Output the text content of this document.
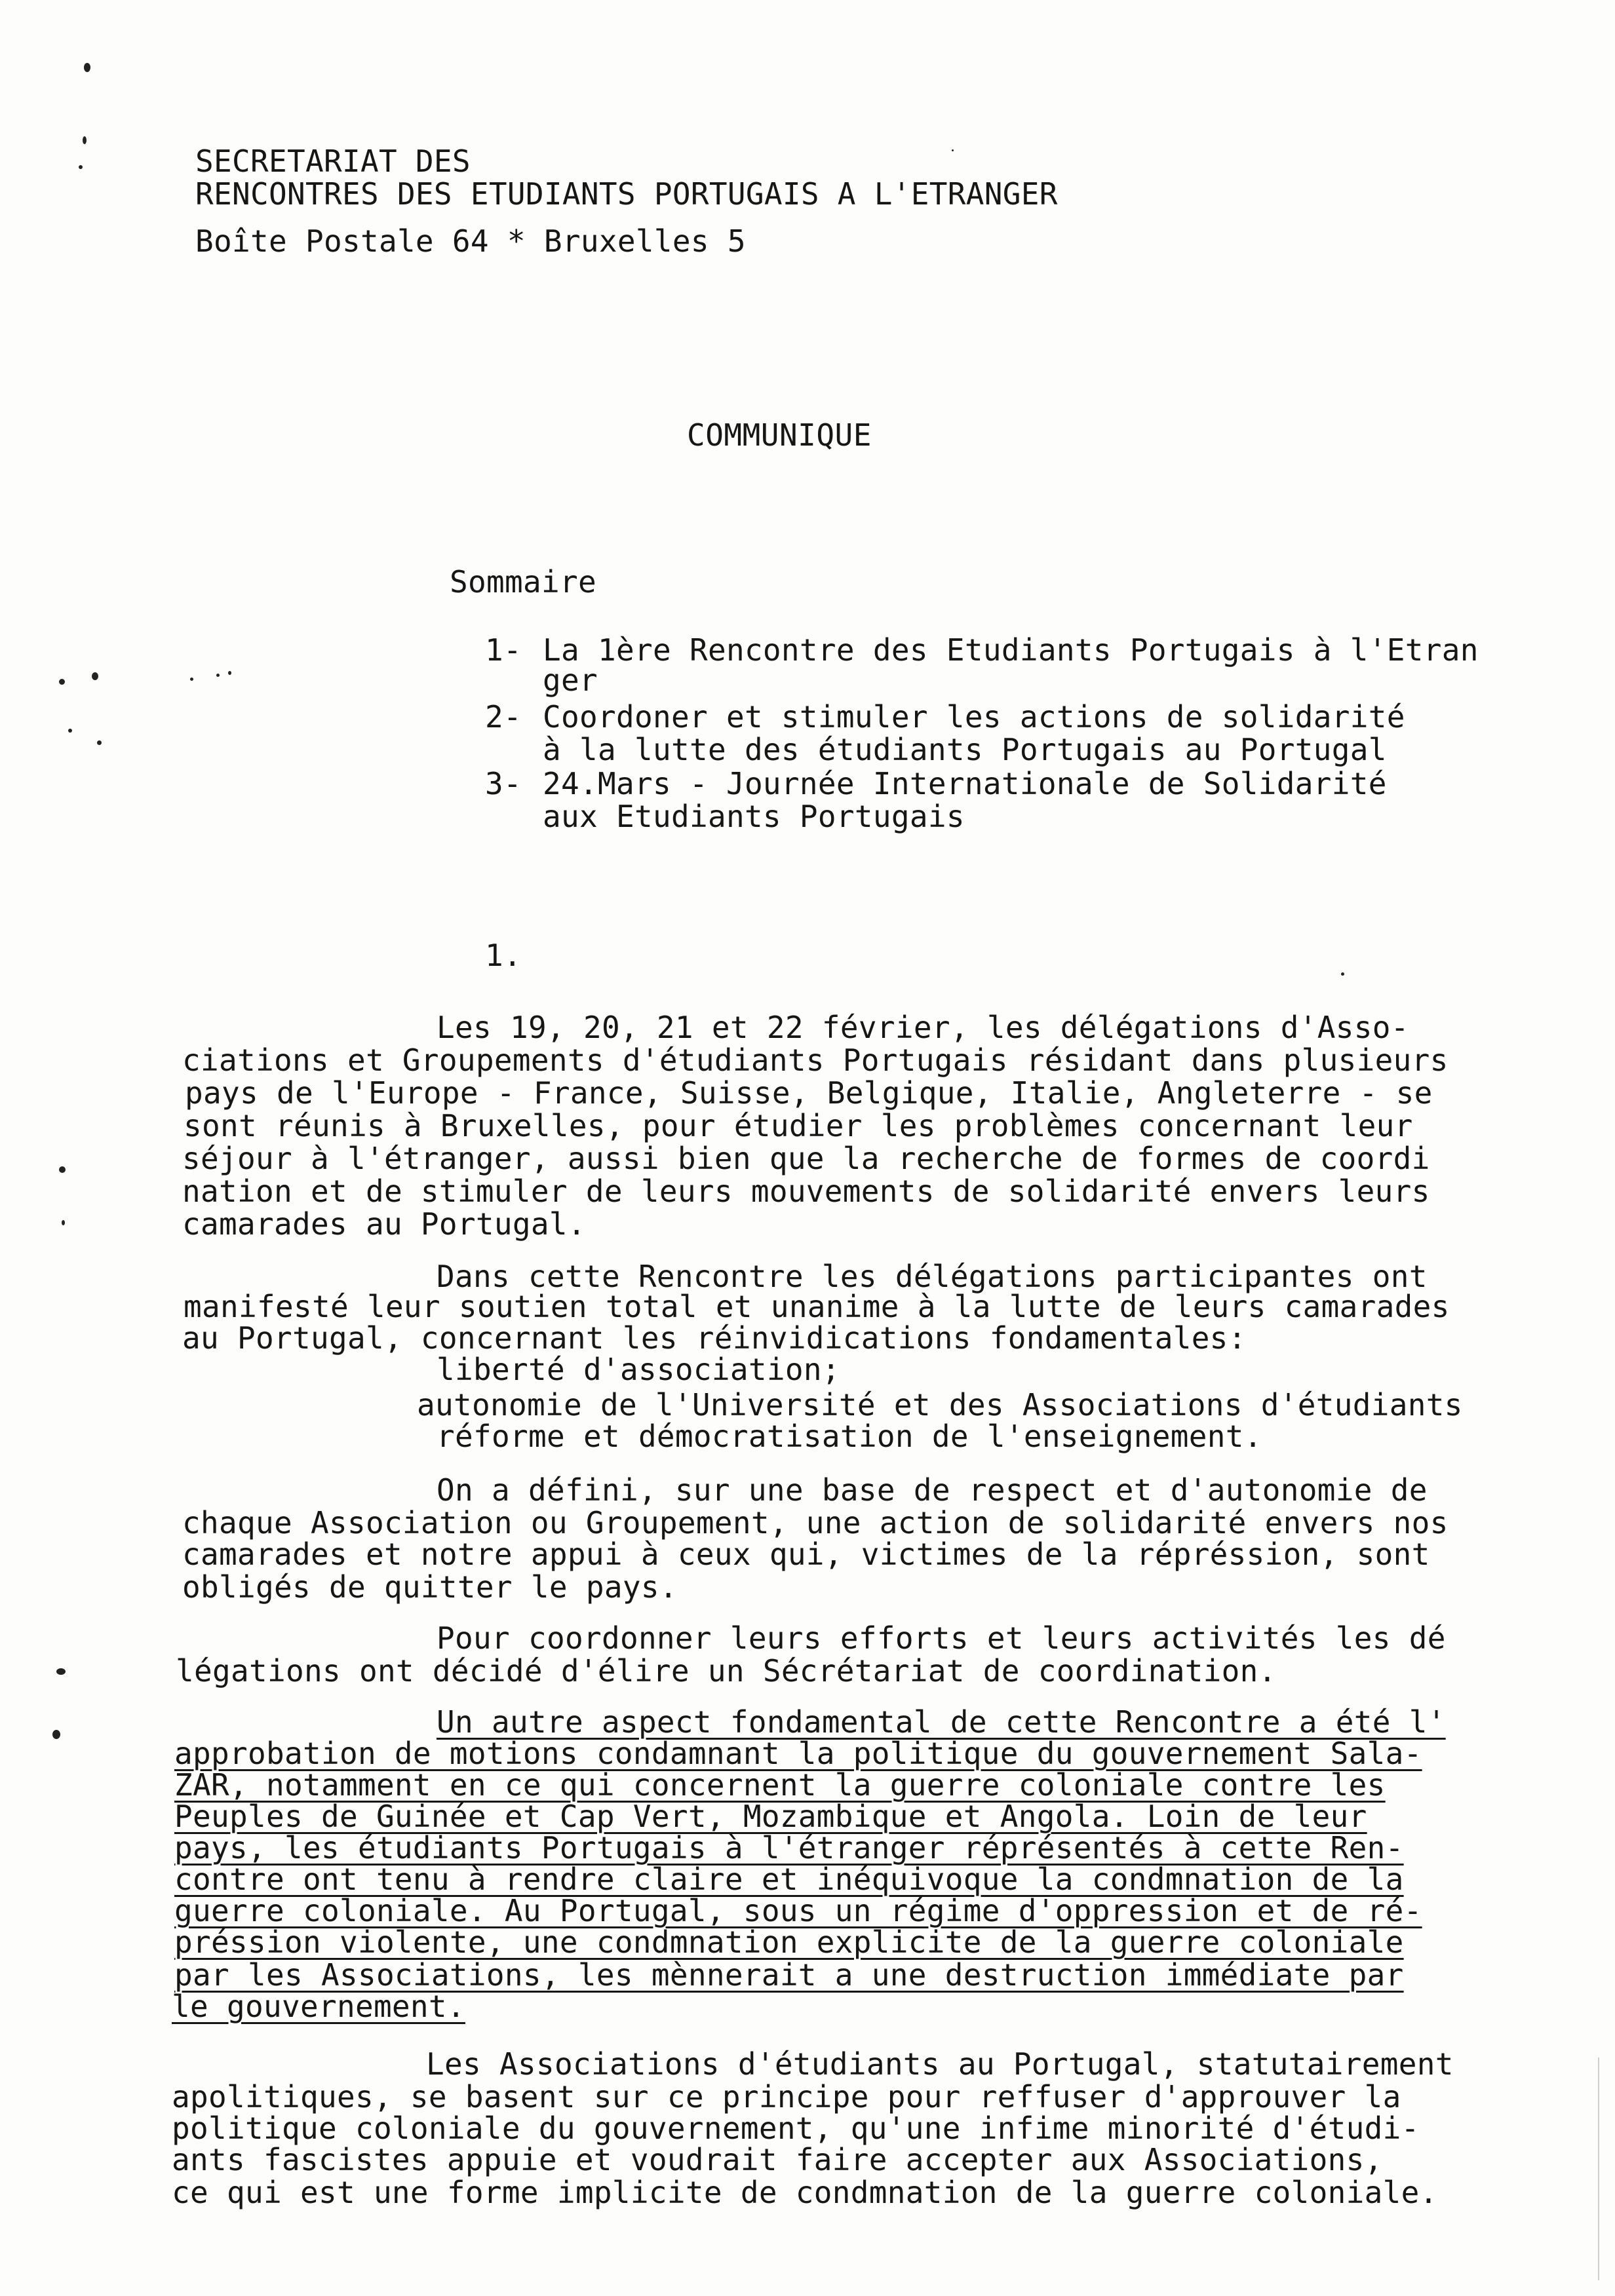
SECRETARIAT DES
RENCONTRES DES ETUDIANTS PORTUGAIS A L'ETRANGER
Boîte Postale 64 * Bruxelles 5
COMMUNIQUE
Sommaire
1- La 1ère Rencontre des Etudiants Portugais à l'Etran
ger
2- Coordoner et stimuler les actions de solidarité
à la lutte des étudiants Portugais au Portugal
3- 24.Mars - Journée Internationale de Solidarité
aux Etudiants Portugais
1.
Les 19, 20, 21 et 22 février, les délégations d'Asso-
ciations et Groupements d'étudiants Portugais résidant dans plusieurs
pays de l'Europe - France, Suisse, Belgique, Italie, Angleterre - se
sont réunis à Bruxelles, pour étudier les problèmes concernant leur
séjour à l'étranger, aussi bien que la recherche de formes de coordi
nation et de stimuler de leurs mouvements de solidarité envers leurs
camarades au Portugal.
Dans cette Rencontre les délégations participantes ont
manifesté leur soutien total et unanime à la lutte de leurs camarades
au Portugal, concernant les réinvidications fondamentales:
liberté d'association;
autonomie de l'Université et des Associations d'étudiants
réforme et démocratisation de l'enseignement.
On a défini, sur une base de respect et d'autonomie de
chaque Association ou Groupement, une action de solidarité envers nos
camarades et notre appui à ceux qui, victimes de la répréssion, sont
obligés de quitter le pays.
Pour coordonner leurs efforts et leurs activités les dé
légations ont décidé d'élire un Sécrétariat de coordination.
Un autre aspect fondamental de cette Rencontre a été l'
approbation de motions condamnant la politique du gouvernement Sala-
ZAR, notamment en ce qui concernent la guerre coloniale contre les
Peuples de Guinée et Cap Vert, Mozambique et Angola. Loin de leur
pays, les étudiants Portugais à l'étranger réprésentés à cette Ren-
contre ont tenu à rendre claire et inéquivoque la condmnation de la
guerre coloniale. Au Portugal, sous un régime d'oppression et de ré-
préssion violente, une condmnation explicite de la guerre coloniale
par les Associations, les mènnerait a une destruction immédiate par
le gouvernement.
Les Associations d'étudiants au Portugal, statutairement
apolitiques, se basent sur ce principe pour reffuser d'approuver la
politique coloniale du gouvernement, qu'une infime minorité d'étudi-
ants fascistes appuie et voudrait faire accepter aux Associations,
ce qui est une forme implicite de condmnation de la guerre coloniale.
